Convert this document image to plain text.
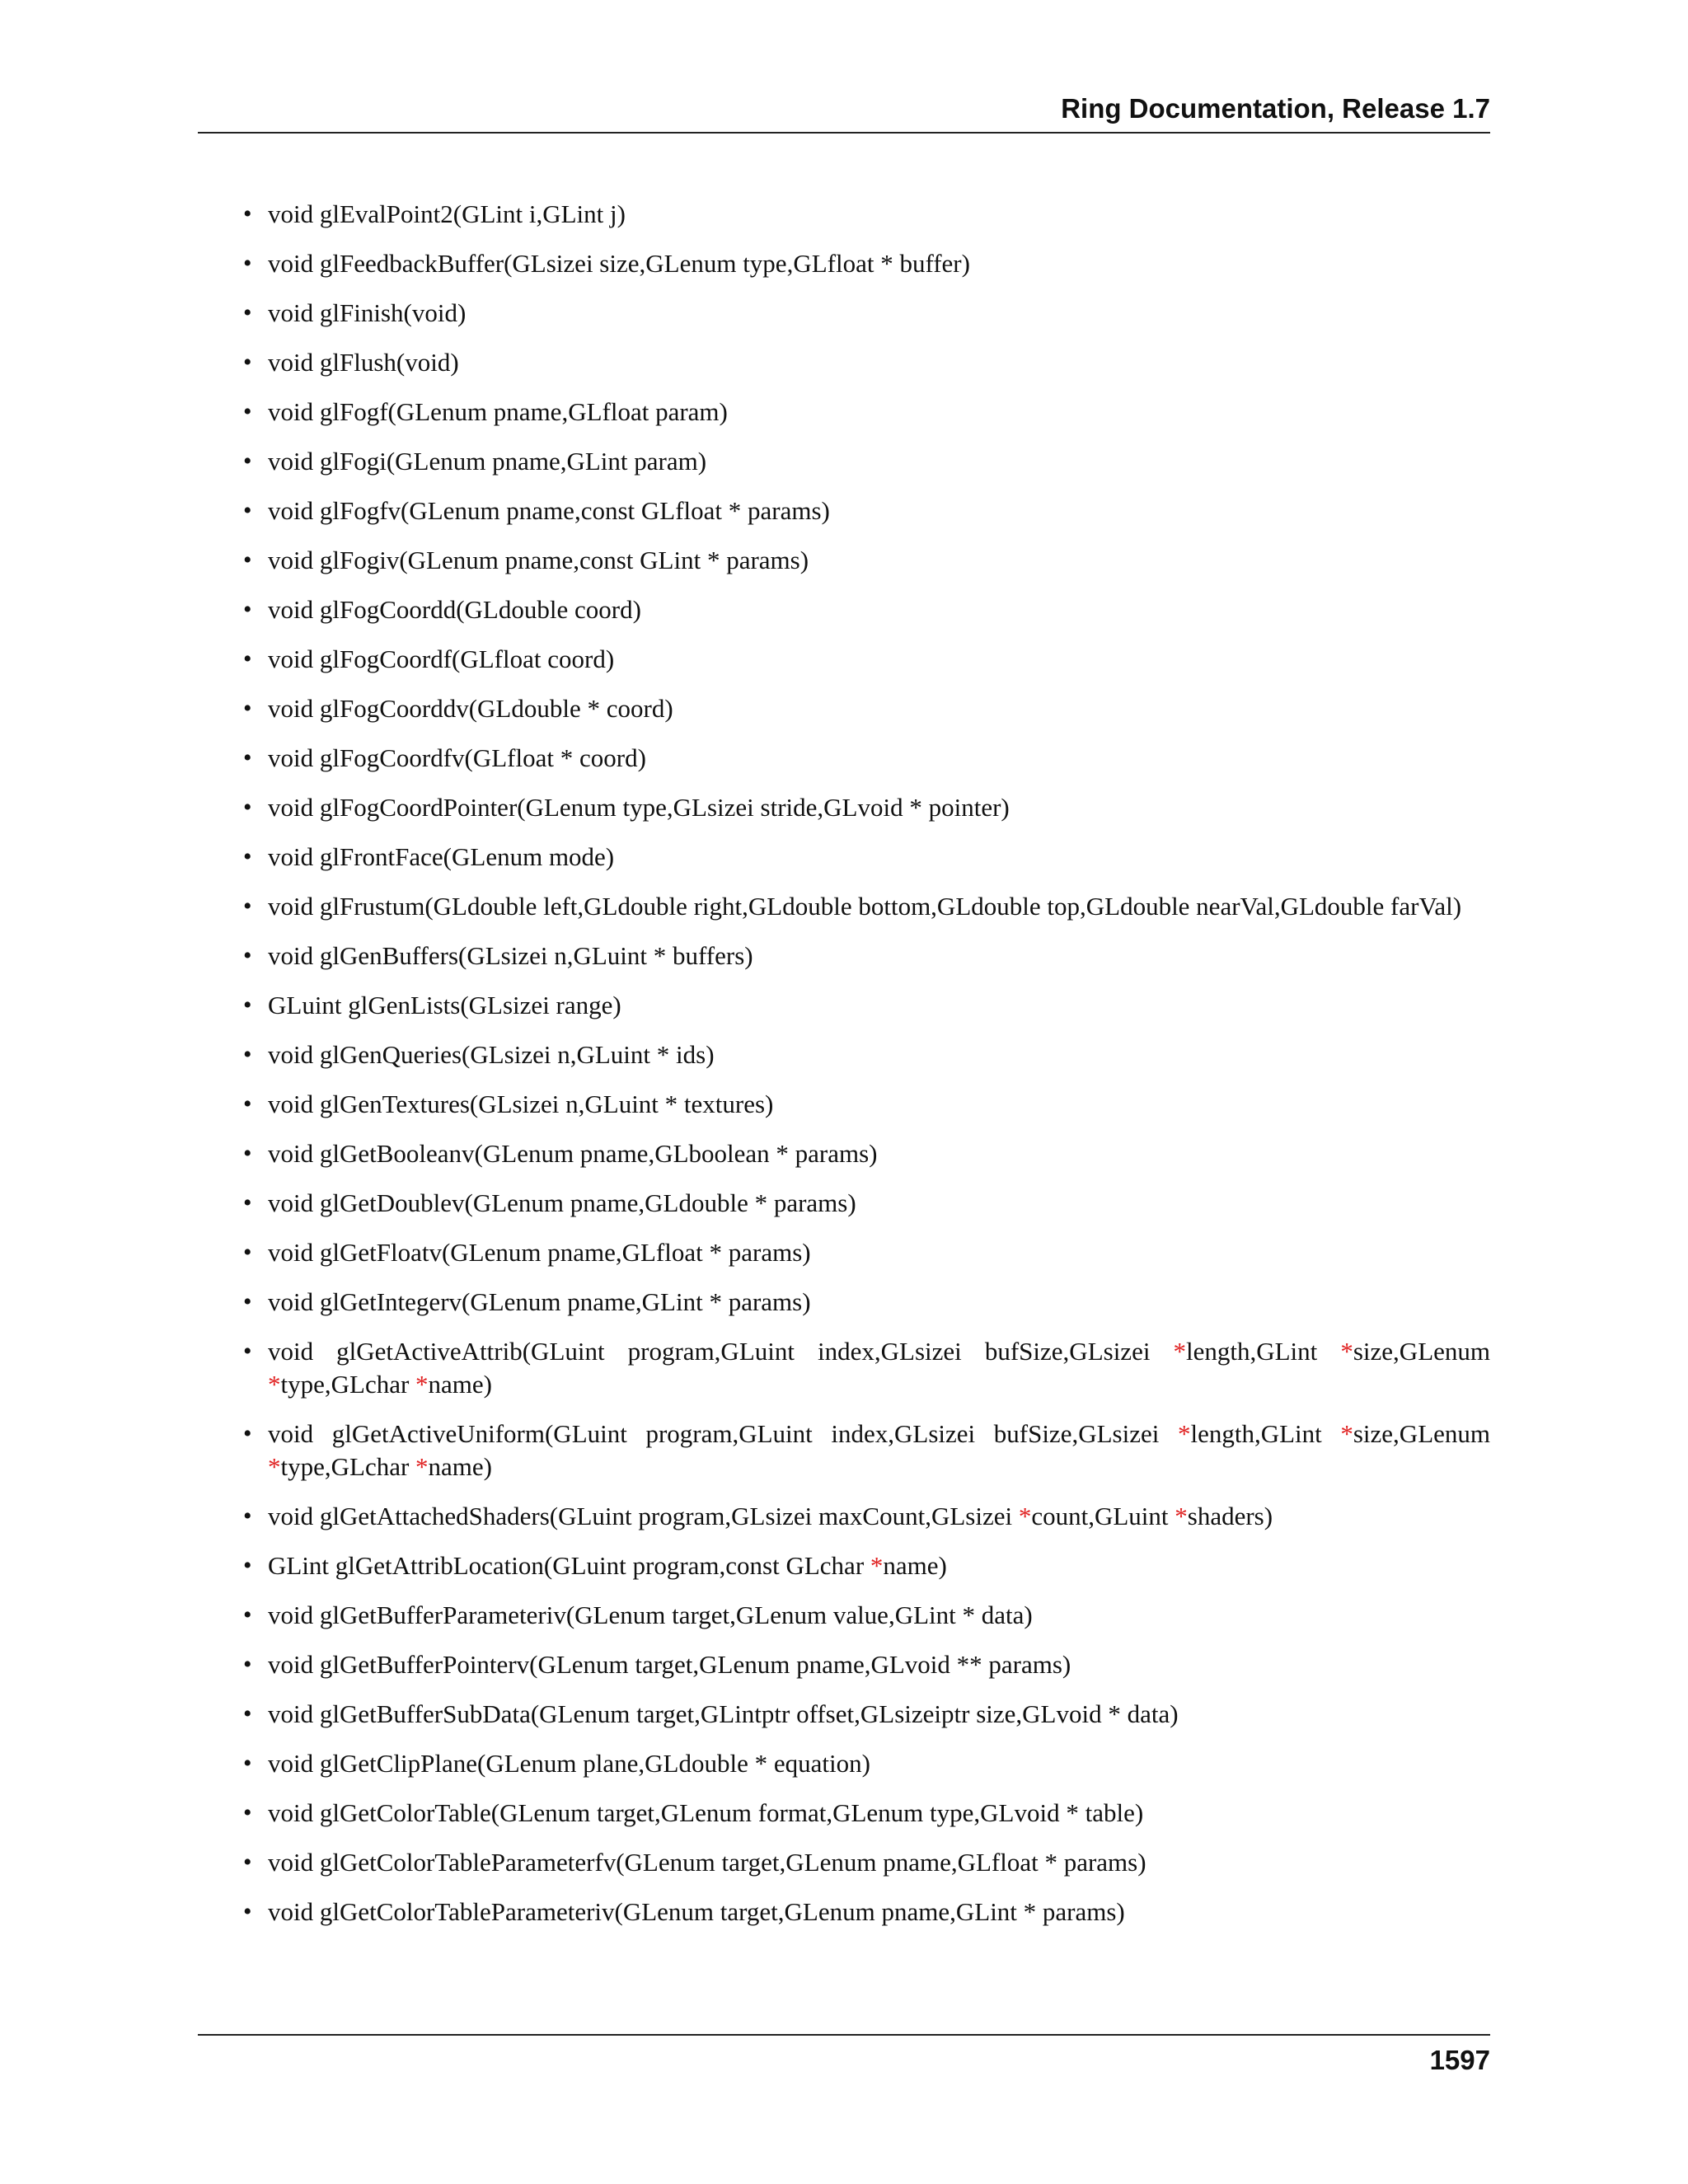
Ring Documentation, Release 1.7
• void glEvalPoint2(GLint i,GLint j)
• void glFeedbackBuffer(GLsizei size,GLenum type,GLfloat * buffer)
• void glFinish(void)
• void glFlush(void)
• void glFogf(GLenum pname,GLfloat param)
• void glFogi(GLenum pname,GLint param)
• void glFogfv(GLenum pname,const GLfloat * params)
• void glFogiv(GLenum pname,const GLint * params)
• void glFogCoordd(GLdouble coord)
• void glFogCoordf(GLfloat coord)
• void glFogCoorddv(GLdouble * coord)
• void glFogCoordfv(GLfloat * coord)
• void glFogCoordPointer(GLenum type,GLsizei stride,GLvoid * pointer)
• void glFrontFace(GLenum mode)
• void glFrustum(GLdouble left,GLdouble right,GLdouble bottom,GLdouble top,GLdouble nearVal,GLdouble farVal)
• void glGenBuffers(GLsizei n,GLuint * buffers)
• GLuint glGenLists(GLsizei range)
• void glGenQueries(GLsizei n,GLuint * ids)
• void glGenTextures(GLsizei n,GLuint * textures)
• void glGetBooleanv(GLenum pname,GLboolean * params)
• void glGetDoublev(GLenum pname,GLdouble * params)
• void glGetFloatv(GLenum pname,GLfloat * params)
• void glGetIntegerv(GLenum pname,GLint * params)
• void glGetActiveAttrib(GLuint program,GLuint index,GLsizei bufSize,GLsizei *length,GLint *size,GLenum *type,GLchar *name)
• void glGetActiveUniform(GLuint program,GLuint index,GLsizei bufSize,GLsizei *length,GLint *size,GLenum *type,GLchar *name)
• void glGetAttachedShaders(GLuint program,GLsizei maxCount,GLsizei *count,GLuint *shaders)
• GLint glGetAttribLocation(GLuint program,const GLchar *name)
• void glGetBufferParameteriv(GLenum target,GLenum value,GLint * data)
• void glGetBufferPointerv(GLenum target,GLenum pname,GLvoid ** params)
• void glGetBufferSubData(GLenum target,GLintptr offset,GLsizeiptr size,GLvoid * data)
• void glGetClipPlane(GLenum plane,GLdouble * equation)
• void glGetColorTable(GLenum target,GLenum format,GLenum type,GLvoid * table)
• void glGetColorTableParameterfv(GLenum target,GLenum pname,GLfloat * params)
• void glGetColorTableParameteriv(GLenum target,GLenum pname,GLint * params)
1597
